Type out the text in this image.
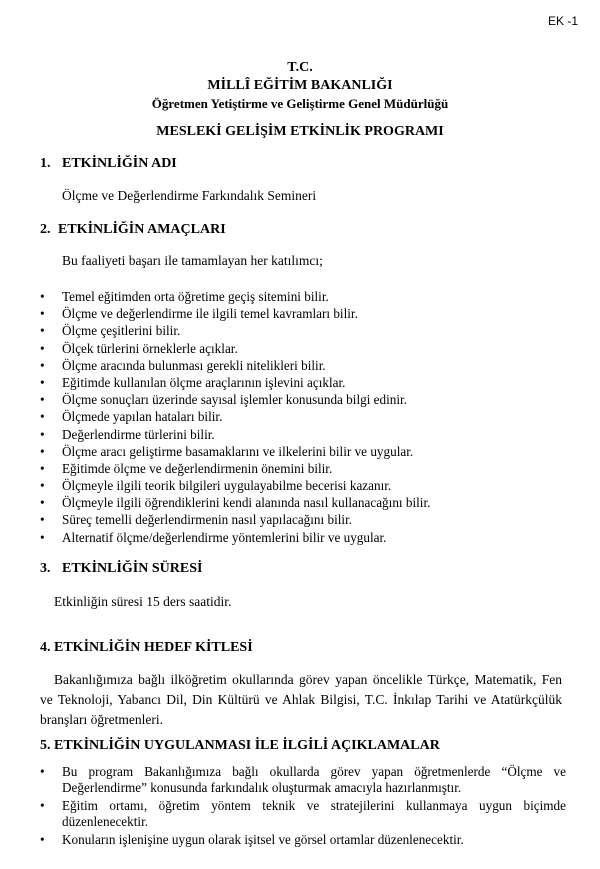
EK -1
T.C.
MİLLÎ EĞİTİM BAKANLIĞI
Öğretmen Yetiştirme ve Geliştirme Genel Müdürlüğü
MESLEKİ GELİŞİM ETKİNLİK PROGRAMI
1. ETKİNLİĞİN ADI
Ölçme ve Değerlendirme Farkındalık Semineri
2. ETKİNLİĞİN AMAÇLARI
Bu faaliyeti başarı ile tamamlayan her katılımcı;
• Temel eğitimden orta öğretime geçiş sitemini bilir.
• Ölçme ve değerlendirme ile ilgili temel kavramları bilir.
• Ölçme çeşitlerini bilir.
• Ölçek türlerini örneklerle açıklar.
• Ölçme aracında bulunması gerekli nitelikleri bilir.
• Eğitimde kullanılan ölçme araçlarının işlevini açıklar.
• Ölçme sonuçları üzerinde sayısal işlemler konusunda bilgi edinir.
• Ölçmede yapılan hataları bilir.
• Değerlendirme türlerini bilir.
• Ölçme aracı geliştirme basamaklarını ve ilkelerini bilir ve uygular.
• Eğitimde ölçme ve değerlendirmenin önemini bilir.
• Ölçmeyle ilgili teorik bilgileri uygulayabilme becerisi kazanır.
• Ölçmeyle ilgili öğrendiklerini kendi alanında nasıl kullanacağını bilir.
• Süreç temelli değerlendirmenin nasıl yapılacağını bilir.
• Alternatif ölçme/değerlendirme yöntemlerini bilir ve uygular.
3. ETKİNLİĞİN SÜRESİ
Etkinliğin süresi 15 ders saatidir.
4. ETKİNLİĞİN HEDEF KİTLESİ
Bakanlığımıza bağlı ilköğretim okullarında görev yapan öncelikle Türkçe, Matematik, Fen
ve Teknoloji, Yabancı Dil, Din Kültürü ve Ahlak Bilgisi, T.C. İnkılap Tarihi ve Atatürkçülük
branşları öğretmenleri.
5. ETKİNLİĞİN UYGULANMASI İLE İLGİLİ AÇIKLAMALAR
• Bu program Bakanlığımıza bağlı okullarda görev yapan öğretmenlerde “Ölçme ve
Değerlendirme” konusunda farkındalık oluşturmak amacıyla hazırlanmıştır.
• Eğitim ortamı, öğretim yöntem teknik ve stratejilerini kullanmaya uygun biçimde
düzenlenecektir.
• Konuların işlenişine uygun olarak işitsel ve görsel ortamlar düzenlenecektir.
